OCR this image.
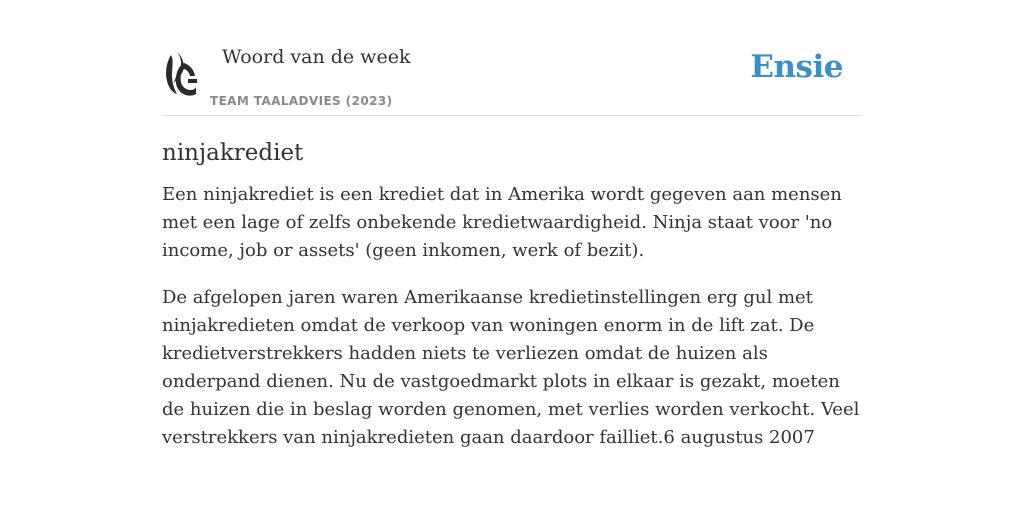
Woord van de week
TEAM TAALADVIES (2023)
Ensie
ninjakrediet

Een ninjakrediet is een krediet dat in Amerika wordt gegeven aan mensen met een lage of zelfs onbekende kredietwaardigheid. Ninja staat voor 'no income, job or assets' (geen inkomen, werk of bezit).

De afgelopen jaren waren Amerikaanse kredietinstellingen erg gul met ninjakredieten omdat de verkoop van woningen enorm in de lift zat. De kredietverstrekkers hadden niets te verliezen omdat de huizen als onderpand dienen. Nu de vastgoedmarkt plots in elkaar is gezakt, moeten de huizen die in beslag worden genomen, met verlies worden verkocht. Veel verstrekkers van ninjakredieten gaan daardoor failliet.6 augustus 2007
